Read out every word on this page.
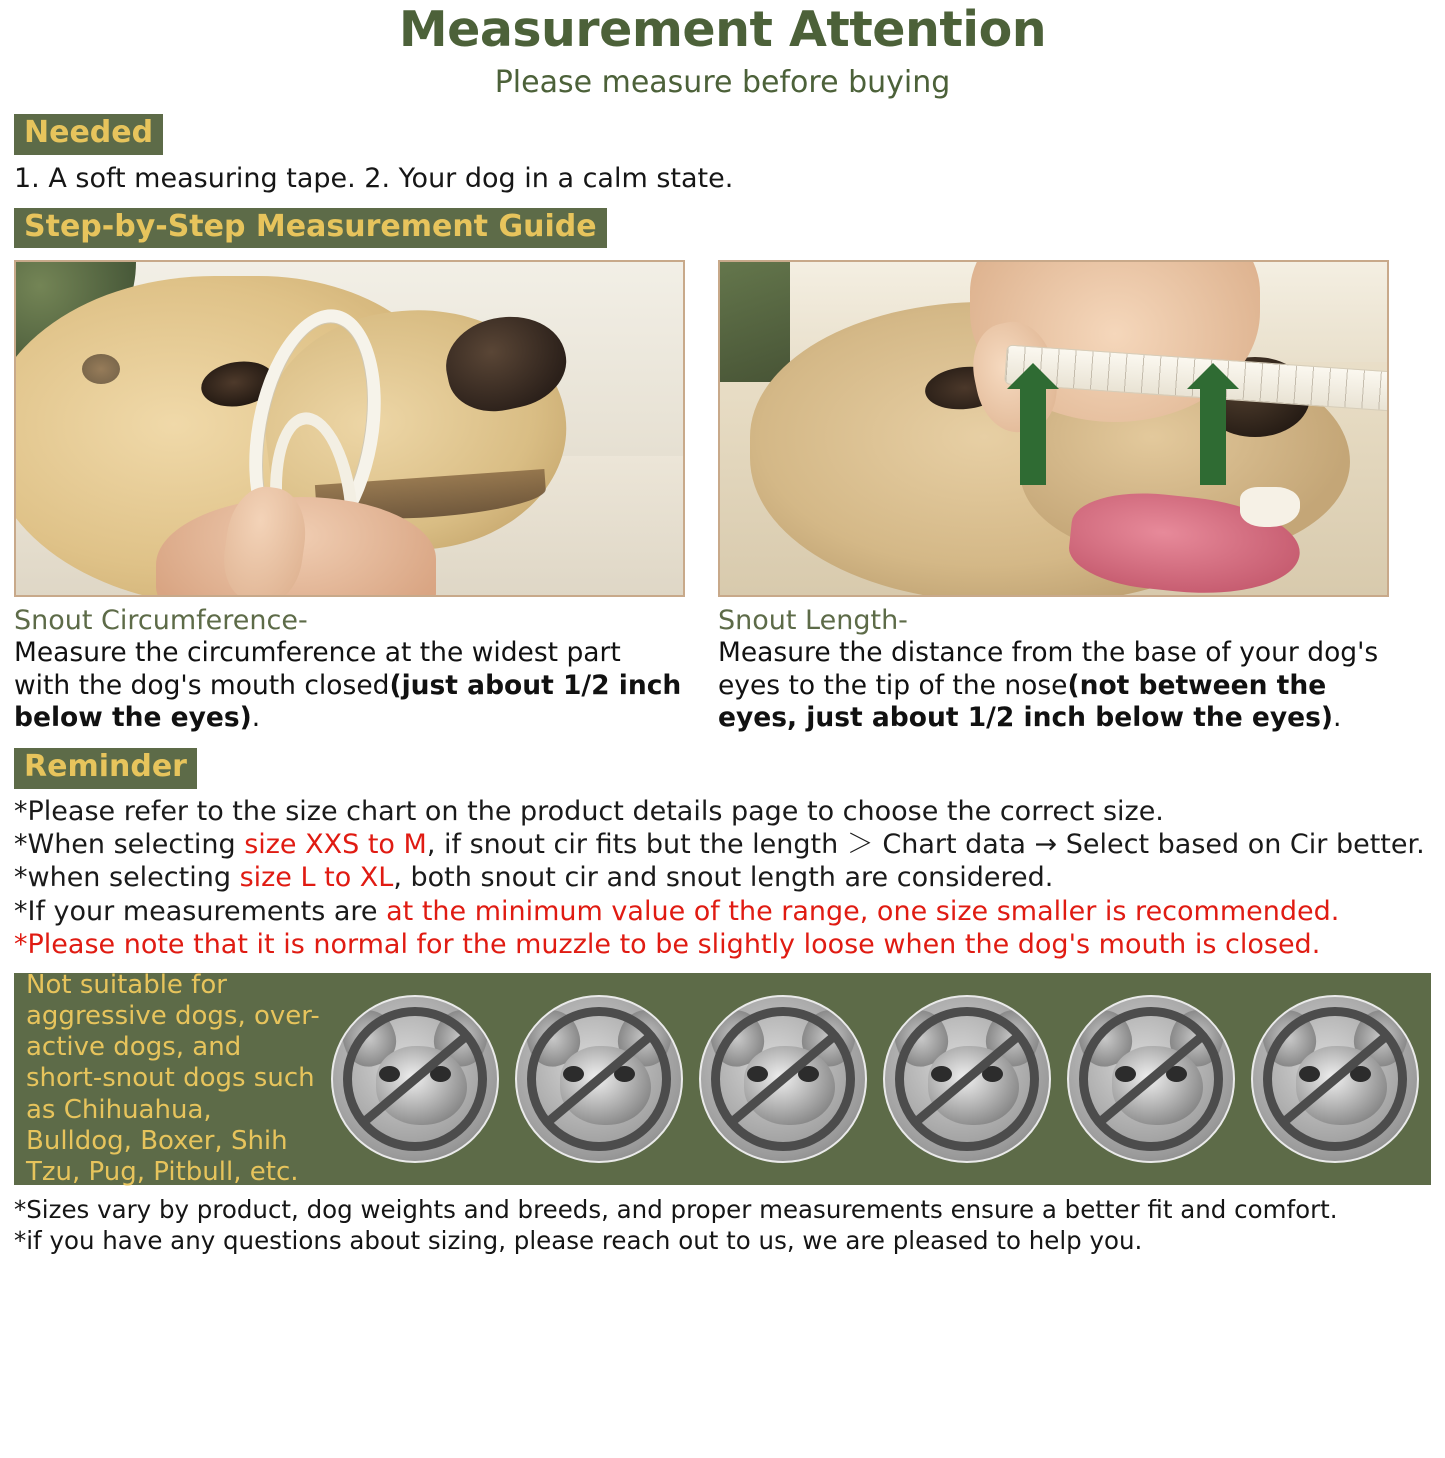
Measurement Attention
Please measure before buying
Needed
1. A soft measuring tape. 2. Your dog in a calm state.
Step-by-Step Measurement Guide
Snout Circumference-
Measure the circumference at the widest part with the dog's mouth closed(just about 1/2 inch below the eyes).
Snout Length-
Measure the distance from the base of your dog's eyes to the tip of the nose(not between the eyes, just about 1/2 inch below the eyes).
Reminder

*Please refer to the size chart on the product details page to choose the correct size.

*When selecting size XXS to M, if snout cir fits but the length ＞ Chart data → Select based on Cir better.

*when selecting size L to XL, both snout cir and snout length are considered.

*If your measurements are at the minimum value of the range, one size smaller is recommended.

*Please note that it is normal for the muzzle to be slightly loose when the dog's mouth is closed.

Not suitable for aggressive dogs, over-active dogs, and short-snout dogs such as Chihuahua, Bulldog, Boxer, Shih Tzu, Pug, Pitbull, etc.

*Sizes vary by product, dog weights and breeds, and proper measurements ensure a better fit and comfort.

*if you have any questions about sizing, please reach out to us, we are pleased to help you.
